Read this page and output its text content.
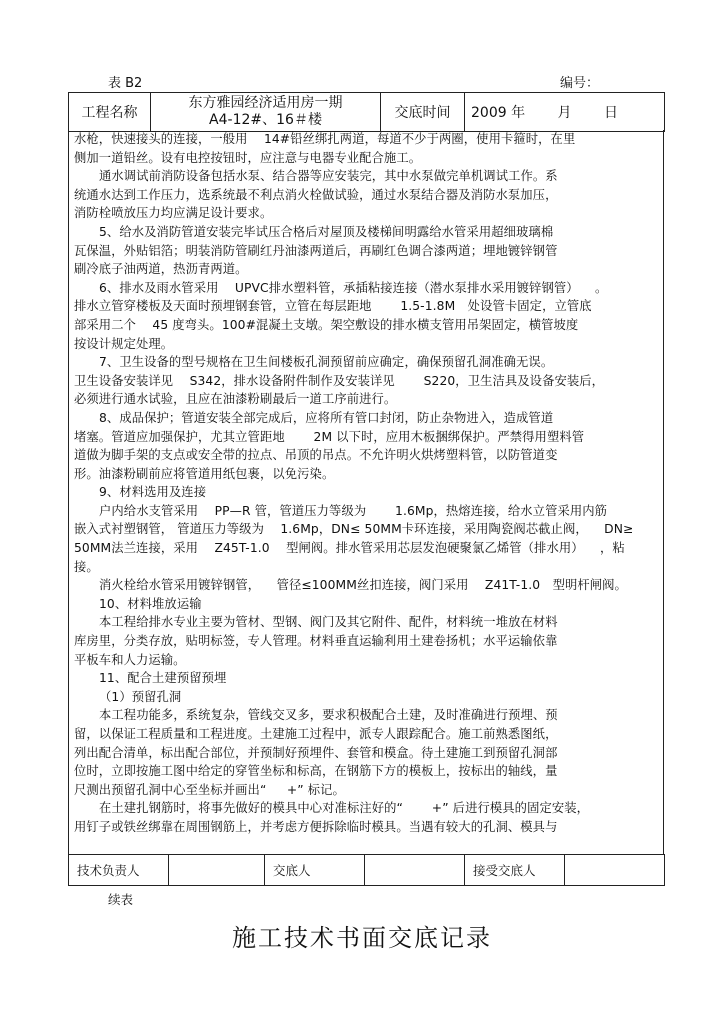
表 B2	编号：
工程名称	
东方雅园经济适用房一期
A4-12#、16＃楼	交底时间	2009 年 月 日

水枪，快速接头的连接，一般用 　14#铅丝绑扎两道，每道不少于两圈，使用卡箍时，在里

侧加一道铅丝。设有电控按钮时，应注意与电器专业配合施工。

通水调试前消防设备包括水泵、结合器等应安装完，其中水泵做完单机调试工作。系

统通水达到工作压力，选系统最不利点消火栓做试验，通过水泵结合器及消防水泵加压，

消防栓喷放压力均应满足设计要求。

5、给水及消防管道安装完毕试压合格后对屋顶及楼梯间明露给水管采用超细玻璃棉

瓦保温，外贴铝箔；明装消防管刷红丹油漆两道后，再刷红色调合漆两道；埋地镀锌钢管

刷冷底子油两道，热沥青两道。

6、排水及雨水管采用 　UPVC排水塑料管，承插粘接连接（潜水泵排水采用镀锌钢管） 　。

排水立管穿楼板及天面时预埋钢套管，立管在每层距地 　　1.5-1.8M　处设管卡固定，立管底

部采用二个 　45 度弯头。100#混凝土支墩。架空敷设的排水横支管用吊架固定，横管坡度

按设计规定处理。

7、卫生设备的型号规格在卫生间楼板孔洞预留前应确定，确保预留孔洞准确无误。

卫生设备安装详见 　S342，排水设备附件制作及安装详见 　　S220，卫生洁具及设备安装后，

必须进行通水试验，且应在油漆粉刷最后一道工序前进行。

8、成品保护；管道安装全部完成后，应将所有管口封闭，防止杂物进入，造成管道

堵塞。管道应加强保护，尤其立管距地 　　2M 以下时，应用木板捆绑保护。严禁得用塑料管

道做为脚手架的支点或安全带的拉点、吊顶的吊点。不允许明火烘烤塑料管，以防管道变

形。油漆粉刷前应将管道用纸包裹，以免污染。

9、材料选用及连接

户内给水支管采用 　PP—R 管，管道压力等级为 　　1.6Mp，热熔连接，给水立管采用内筋

嵌入式衬塑钢管， 管道压力等级为 　1.6Mp，DN≤ 50MM卡环连接，采用陶瓷阀芯截止阀， 　DN≥

50MM法兰连接，采用 　Z45T-1.0 　型闸阀。排水管采用芯层发泡硬聚氯乙烯管（排水用） 　，粘

接。

消火栓给水管采用镀锌钢管， 　管径≤100MM丝扣连接，阀门采用 　Z41T-1.0　型明杆闸阀。

10、材料堆放运输

本工程给排水专业主要为管材、型钢、阀门及其它附件、配件，材料统一堆放在材料

库房里，分类存放，贴明标签，专人管理。材料垂直运输利用土建卷扬机；水平运输依靠

平板车和人力运输。

11、配合土建预留预埋

（1）预留孔洞

本工程功能多，系统复杂，管线交叉多，要求积极配合土建，及时准确进行预埋、预

留，以保证工程质量和工程进度。土建施工过程中，派专人跟踪配合。施工前熟悉图纸，

列出配合清单，标出配合部位，并预制好预埋件、套管和模盒。待土建施工到预留孔洞部

位时，立即按施工图中给定的穿管坐标和标高，在钢筋下方的模板上，按标出的轴线，量

尺测出预留孔洞中心至坐标并画出“ 　 +” 标记。

在土建扎钢筋时，将事先做好的模具中心对准标注好的“ 　　+” 后进行模具的固定安装，

用钉子或铁丝绑靠在周围钢筋上，并考虑方便拆除临时模具。当遇有较大的孔洞、模具与

技术负责人		交底人		接受交底人	
续表
施工技术书面交底记录
